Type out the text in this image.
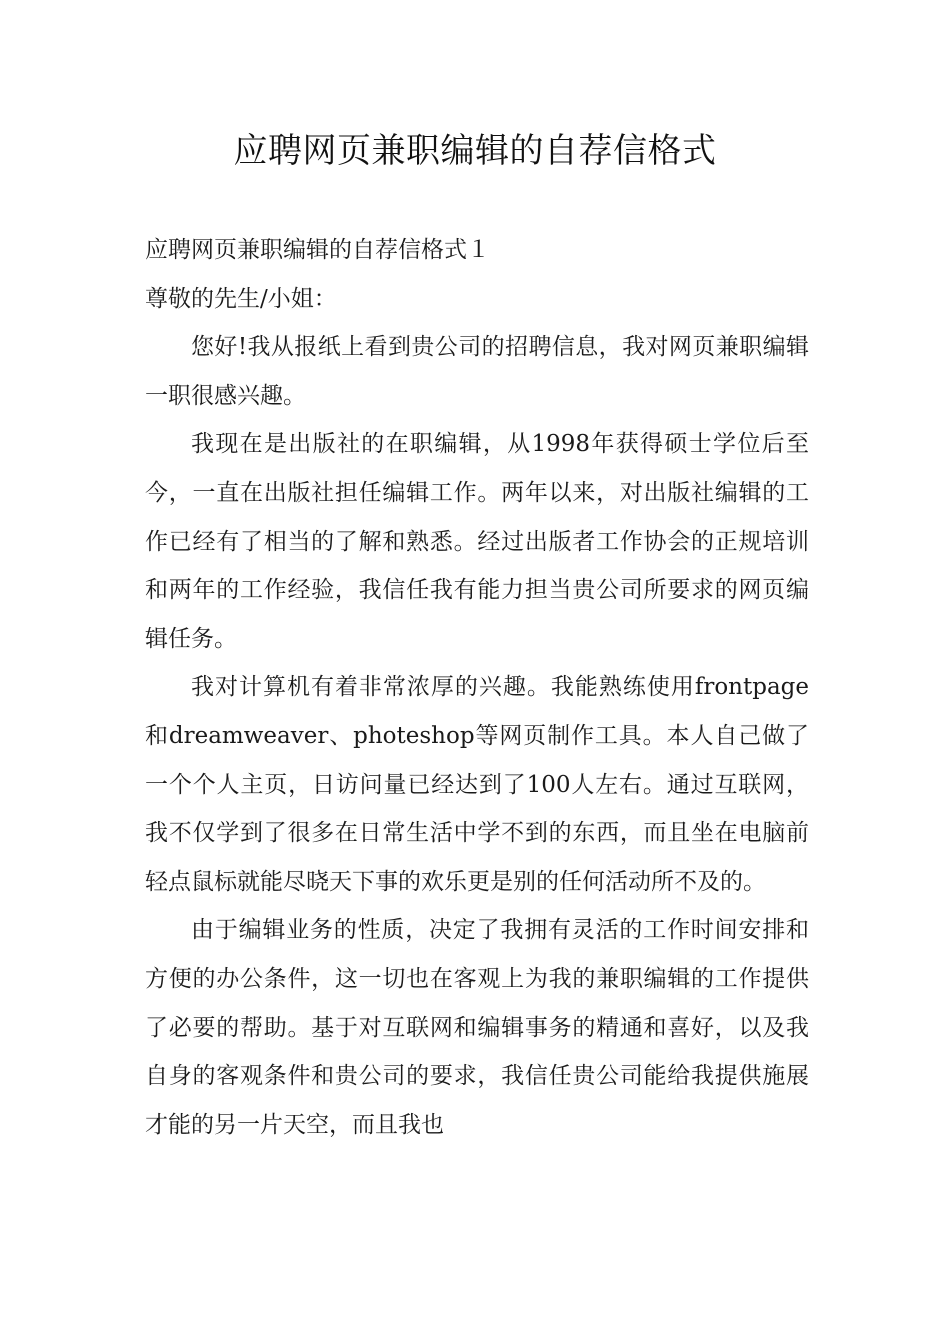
应聘网页兼职编辑的自荐信格式

应聘网页兼职编辑的自荐信格式１

尊敬的先生/小姐：

您好!我从报纸上看到贵公司的招聘信息，我对网页兼职编辑一职很感兴趣。

我现在是出版社的在职编辑，从1998年获得硕士学位后至今，一直在出版社担任编辑工作。两年以来，对出版社编辑的工作已经有了相当的了解和熟悉。经过出版者工作协会的正规培训和两年的工作经验，我信任我有能力担当贵公司所要求的网页编辑任务。

我对计算机有着非常浓厚的兴趣。我能熟练使用frontpage和dreamweaver、photeshop等网页制作工具。本人自己做了一个个人主页，日访问量已经达到了100人左右。通过互联网，我不仅学到了很多在日常生活中学不到的东西，而且坐在电脑前轻点鼠标就能尽晓天下事的欢乐更是别的任何活动所不及的。

由于编辑业务的性质，决定了我拥有灵活的工作时间安排和方便的办公条件，这一切也在客观上为我的兼职编辑的工作提供了必要的帮助。基于对互联网和编辑事务的精通和喜好，以及我自身的客观条件和贵公司的要求，我信任贵公司能给我提供施展才能的另一片天空，而且我也
